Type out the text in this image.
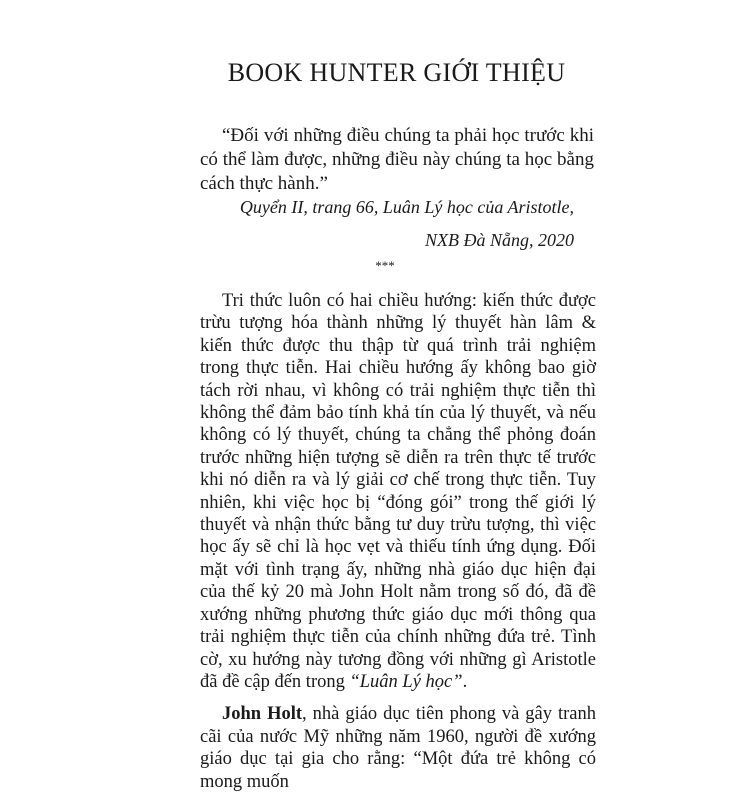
BOOK HUNTER GIỚI THIỆU

“Đối với những điều chúng ta phải học trước khi có thể làm được, những điều này chúng ta học bằng cách thực hành.”

Quyển II, trang 66, Luân Lý học của Aristotle,

NXB Đà Nẵng, 2020

***

Tri thức luôn có hai chiều hướng: kiến thức được trừu tượng hóa thành những lý thuyết hàn lâm & kiến thức được thu thập từ quá trình trải nghiệm trong thực tiễn. Hai chiều hướng ấy không bao giờ tách rời nhau, vì không có trải nghiệm thực tiễn thì không thể đảm bảo tính khả tín của lý thuyết, và nếu không có lý thuyết, chúng ta chẳng thể phỏng đoán trước những hiện tượng sẽ diễn ra trên thực tế trước khi nó diễn ra và lý giải cơ chế trong thực tiễn. Tuy nhiên, khi việc học bị “đóng gói” trong thế giới lý thuyết và nhận thức bằng tư duy trừu tượng, thì việc học ấy sẽ chỉ là học vẹt và thiếu tính ứng dụng. Đối mặt với tình trạng ấy, những nhà giáo dục hiện đại của thế kỷ 20 mà John Holt nằm trong số đó, đã đề xướng những phương thức giáo dục mới thông qua trải nghiệm thực tiễn của chính những đứa trẻ. Tình cờ, xu hướng này tương đồng với những gì Aristotle đã đề cập đến trong “Luân Lý học”.

John Holt, nhà giáo dục tiên phong và gây tranh cãi của nước Mỹ những năm 1960, người đề xướng giáo dục tại gia cho rằng: “Một đứa trẻ không có mong muốn
